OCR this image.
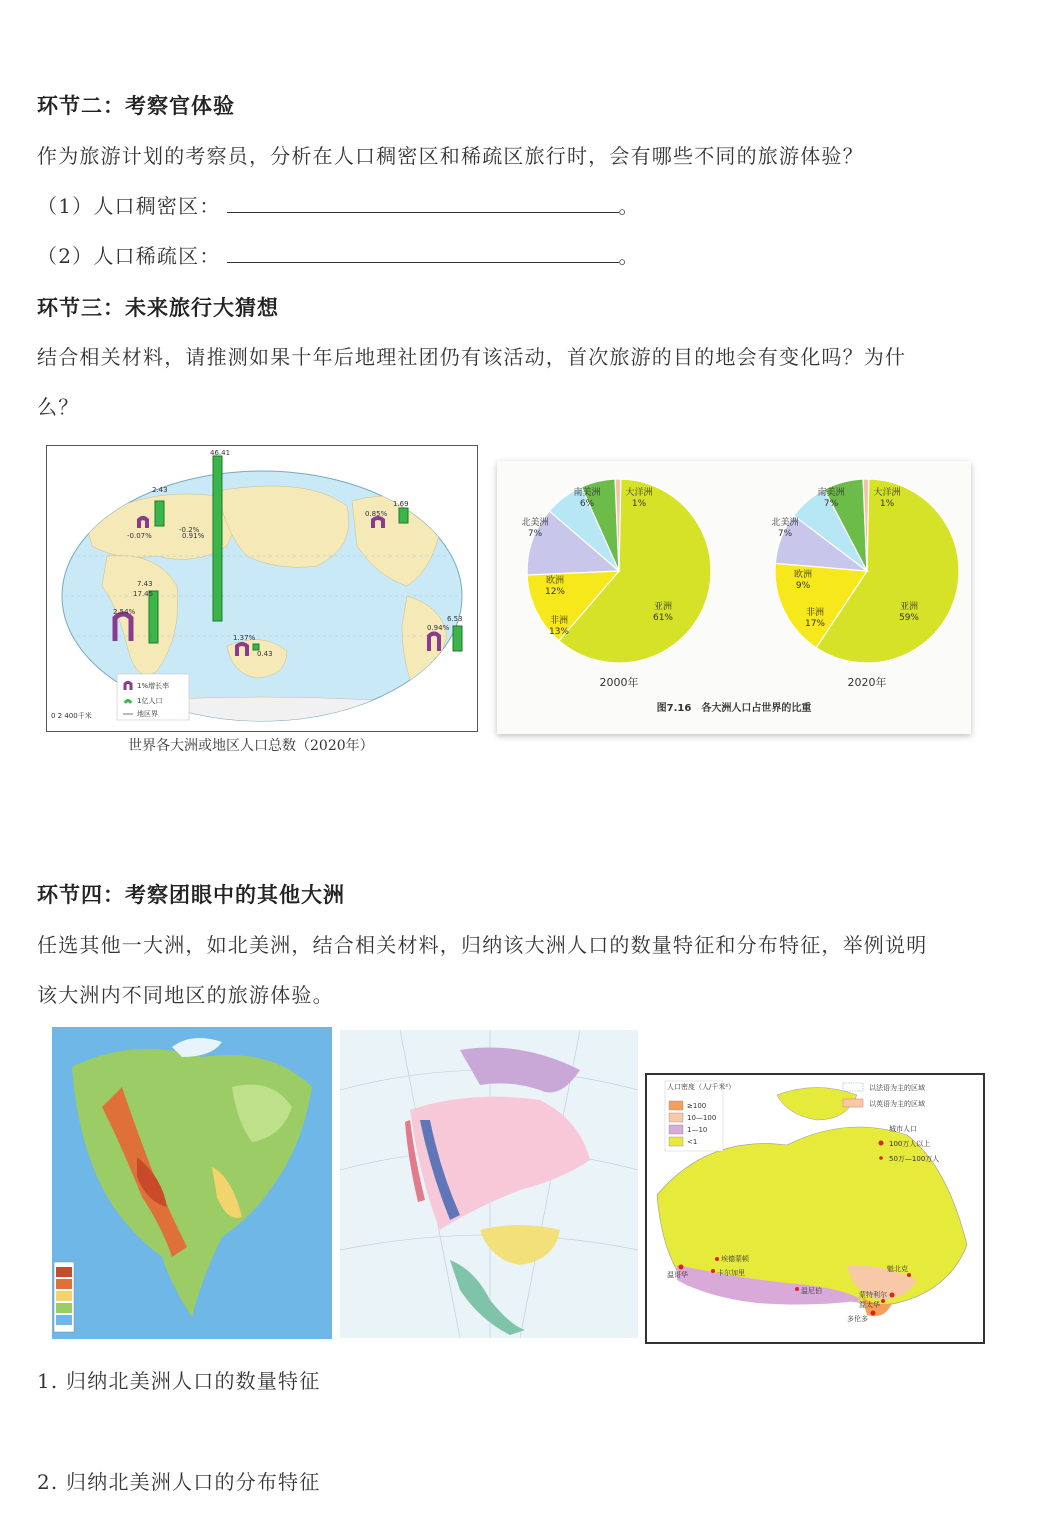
环节二：考察官体验
作为旅游计划的考察员，分析在人口稠密区和稀疏区旅行时，会有哪些不同的旅游体验？
（1）人口稠密区：	。
（2）人口稀疏区：	。
环节三：未来旅行大猜想
结合相关材料，请推测如果十年后地理社团仍有该活动，首次旅游的目的地会有变化吗？为什
么？
46.41
0.85%
1.69
0.91%
-0.2%
-0.07%
2.43
7.43
17.45
2.54%
1.37%
0.43
0.94%
6.53
1%增长率
1亿人口
地区界
0 2 400千米
世界各大洲或地区人口总数（2020年）
亚洲
61%
非洲
13%
欧洲
12%
北美洲
7%
南美洲
6%
大洋洲
1%
2000年
亚洲
59%
非洲
17%
欧洲
9%
北美洲
7%
南美洲
7%
大洋洲
1%
2020年
图7.16　各大洲人口占世界的比重
环节四：考察团眼中的其他大洲
任选其他一大洲，如北美洲，结合相关材料，归纳该大洲人口的数量特征和分布特征，举例说明
该大洲内不同地区的旅游体验。
人口密度（人/千米²）
≥100
10—100
1—10
<1
以法语为主的区域
以英语为主的区域
城市人口
100万人以上
50万—100万人
温哥华
埃德蒙顿
卡尔加里
温尼伯
魁北克
蒙特利尔
渥太华
多伦多
1. 归纳北美洲人口的数量特征
2. 归纳北美洲人口的分布特征
